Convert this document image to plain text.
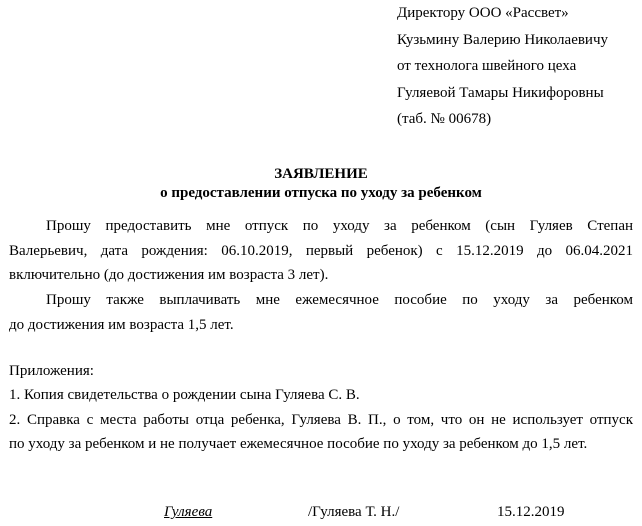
Директору ООО «Рассвет»
Кузьмину Валерию Николаевичу
от технолога швейного цеха
Гуляевой Тамары Никифоровны
(таб. № 00678)
ЗАЯВЛЕНИЕ
о предоставлении отпуска по уходу за ребенком
Прошу предоставить мне отпуск по уходу за ребенком (сын Гуляев Степан
Валерьевич, дата рождения: 06.10.2019, первый ребенок) с 15.12.2019 до 06.04.2021
включительно (до достижения им возраста 3 лет).
Прошу также выплачивать мне ежемесячное пособие по уходу за ребенком
до достижения им возраста 1,5 лет.
Приложения:
1. Копия свидетельства о рождении сына Гуляева С. В.
2. Справка с места работы отца ребенка, Гуляева В. П., о том, что он не использует отпуск
по уходу за ребенком и не получает ежемесячное пособие по уходу за ребенком до 1,5 лет.
Гуляева	/Гуляева Т. Н./	15.12.2019
